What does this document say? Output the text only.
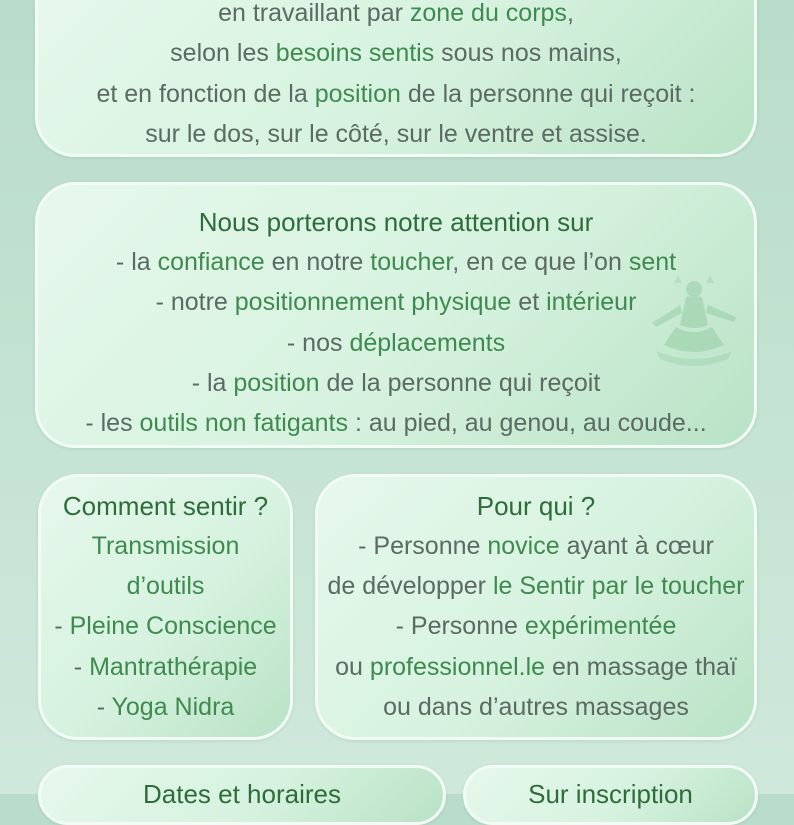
en travaillant par zone du corps,
selon les besoins sentis sous nos mains,
et en fonction de la position de la personne qui reçoit :
sur le dos, sur le côté, sur le ventre et assise.
Nous porterons notre attention sur
- la confiance en notre toucher, en ce que l’on sent
- notre positionnement physique et intérieur
- nos déplacements
- la position de la personne qui reçoit
- les outils non fatigants : au pied, au genou, au coude...
Comment sentir ?
Transmission
d’outils
- Pleine Conscience
- Mantrathérapie
- Yoga Nidra
Pour qui ?
- Personne novice ayant à cœur
de développer le Sentir par le toucher
- Personne expérimentée
ou professionnel.le en massage thaï
ou dans d’autres massages
Dates et horaires	Sur inscription
